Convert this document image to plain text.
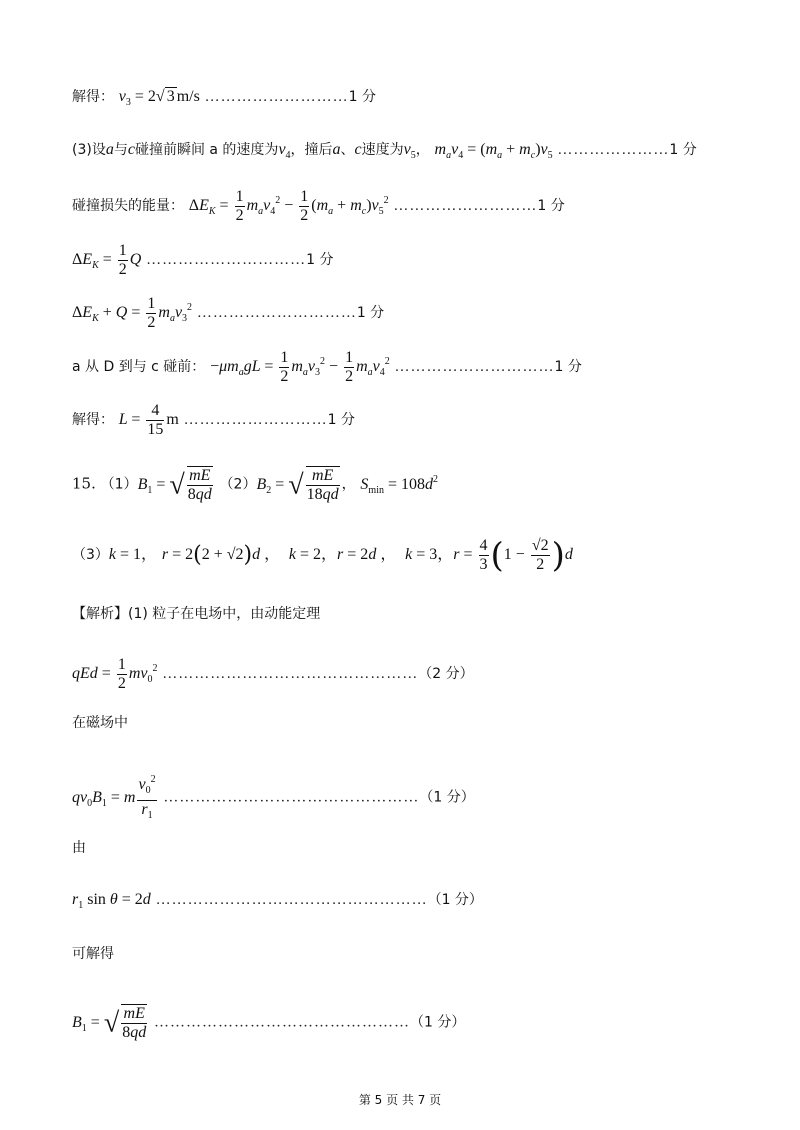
解得： $v_3 = 2√$ 3 m/s ………………………1 分
(3)设a与c碰撞前瞬间 a 的速度为$v_4$，撞后a、c速度为$v_5$， $m_av_4 = (m_a + m_c)v_5$ …………………1 分
碰撞损失的能量： $\Delta E_K = \frac{1}{2} m_av_4^2 - \frac{1}{2} (m_a + m_c)v_5^2$ ………………………1 分
$\Delta E_K = \frac{1}{2}$ Q …………………………1 分
$\Delta E_K + Q = \frac{1}{2} m_av_3^2$ …………………………1 分
a 从 D 到与 c 碰前： $-\mu m_agL = \frac{1}{2} m_av_3^2 - \frac{1}{2} m_av_4^2$ …………………………1 分
解得： $L = \frac{4}{15}$ m ………………………1 分
15. $(1)B_1$ = √ $\frac{mE}{8qd} (2)B_2$ = √ $\frac{mE}{18qd}$ ， $S_{min} = 108d^2$
（3）k = 1， r = 2(2 + √2)d ，  k = 2，r = 2d ，  k = 3，$r = \frac{4}{3} (1 - \frac{√2}{2} )d$
【解析】(1) 粒子在电场中，由动能定理
qEd = $\frac{1}{2} mv_0^2$ …………………………………………（2 分）
在磁场中
$qv_0B_1 = m \frac{v_0^2}{r_1}$ …………………………………………（1 分）
由
$r_1$ sin θ = 2d ……………………………………………（1 分）
可解得
$B_1$ = √ $\frac{mE}{8qd}$ …………………………………………（1 分）
第 5 页 共 7 页
